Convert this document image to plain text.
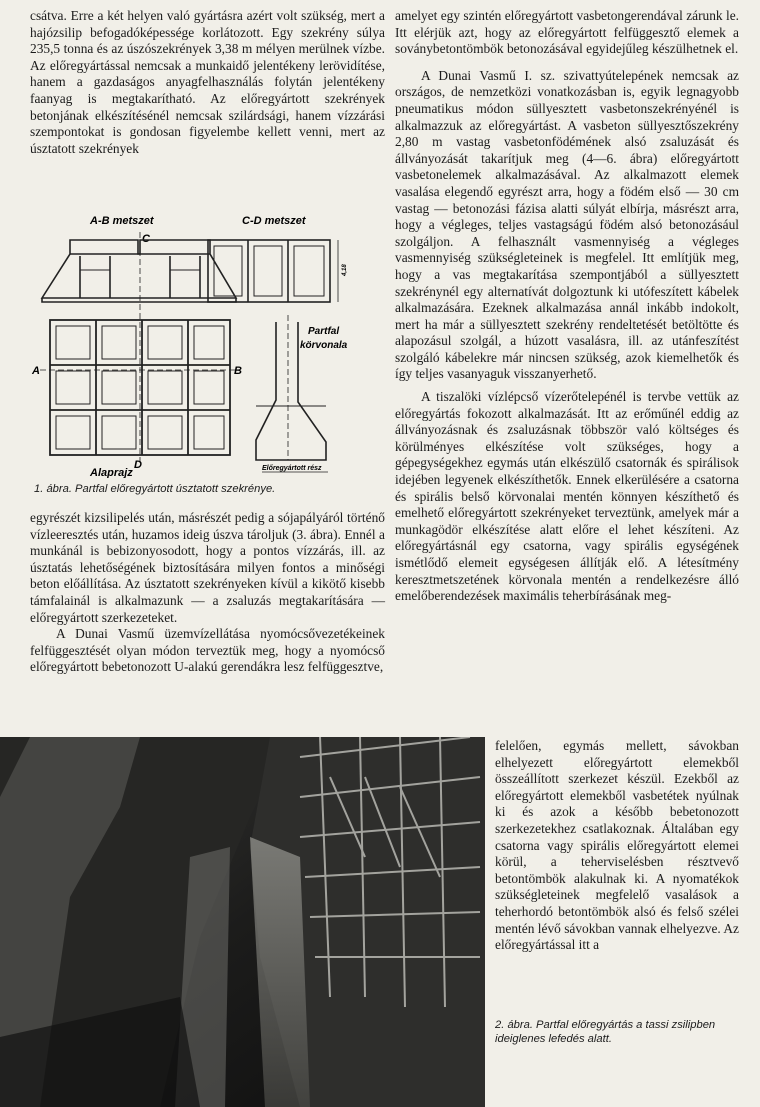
csátva. Erre a két helyen való gyártásra azért volt szükség, mert a hajózsilip befogadóképessége korlátozott. Egy szekrény súlya 235,5 tonna és az úszószekrények 3,38 m mélyen merülnek vízbe. Az előregyártással nemcsak a munkaidő jelentékeny lerövidítése, hanem a gazdaságos anyagfelhasználás folytán jelentékeny faanyag is megtakarítható. Az előregyártott szekrények betonjának elkészítésénél nemcsak szilárdsági, hanem vízzárási szempontokat is gondosan figyelembe kellett venni, mert az úsztatott szekrények

A-B metszet
C
C-D metszet
4,18
A	B
D
Alaprajz
Partfal
körvonala
Előregyártott rész
1. ábra. Partfal előregyártott úsztatott szekrénye.

egyrészét kizsilipelés után, másrészét pedig a sójapályáról történő vízleeresztés után, huzamos ideig úszva tároljuk (3. ábra). Ennél a munkánál is bebizonyosodott, hogy a pontos vízzárás, ill. az úsztatás lehetőségének biztosítására milyen fontos a minőségi beton előállítása. Az úsztatott szekrényeken kívül a kikötő kisebb támfalainál is alkalmazunk — a zsaluzás megtakarítására — előregyártott szerkezeteket.

A Dunai Vasmű üzemvízellátása nyomócsővezetékeinek felfüggesztését olyan módon terveztük meg, hogy a nyomócső előregyártott bebetonozott U-alakú gerendákra lesz felfüggesztve,

amelyet egy szintén előregyártott vasbetongerendával zárunk le. Itt elérjük azt, hogy az előregyártott felfüggesztő elemek a soványbetontömbök betonozásával egyidejűleg készülhetnek el.

A Dunai Vasmű I. sz. szivattyútelepének nemcsak az országos, de nemzetközi vonatkozásban is, egyik legnagyobb pneumatikus módon süllyesztett vasbetonszekrényénél is alkalmazzuk az előregyártást. A vasbeton süllyesztőszekrény 2,80 m vastag vasbetonfödémének alsó zsaluzását és állványozását takarítjuk meg (4—6. ábra) előregyártott vasbetonelemek alkalmazásával. Az alkalmazott elemek vasalása elegendő egyrészt arra, hogy a födém első — 30 cm vastag — betonozási fázisa alatti súlyát elbírja, másrészt arra, hogy a végleges, teljes vastagságú födém alsó betonozásául szolgáljon. A felhasznált vasmennyiség a végleges vasmennyiség szükségleteinek is megfelel. Itt említjük meg, hogy a vas megtakarítása szempontjából a süllyesztett szekrénynél egy alternatívát dolgoztunk ki utófeszített kábelek alkalmazására. Ezeknek alkalmazása annál inkább indokolt, mert ha már a süllyesztett szekrény rendeltetését betöltötte és alapozásul szolgál, a húzott vasalásra, ill. az utánfeszítést szolgáló kábelekre már nincsen szükség, azok kiemelhetők és így teljes vasanyaguk visszanyerhető.

A tiszalöki vízlépcső vízerőtelepénél is tervbe vettük az előregyártás fokozott alkalmazását. Itt az erőműnél eddig az állványozásnak és zsaluzásnak többször való költséges és körülményes elkészítése volt szükséges, hogy a gépegységekhez egymás után elkészülő csatornák és spirálisok idejében legyenek elkészíthetők. Ennek elkerülésére a csatorna és spirális belső körvonalai mentén könnyen készíthető és emelhető előregyártott szekrényeket terveztünk, amelyek már a munkagödör elkészítése alatt előre el lehet készíteni. Az előregyártásnál egy csatorna, vagy spirális egységének ismétlődő elemeit egységesen állítják elő. A létesítmény keresztmetszetének körvonala mentén a rendelkezésre álló emelőberendezések maximális teherbírásának meg-

felelően, egymás mellett, sávokban elhelyezett előregyártott elemekből összeállított szerkezet készül. Ezekből az előregyártott elemekből vasbetétek nyúlnak ki és azok a később bebetonozott szerkezetekhez csatlakoznak. Általában egy csatorna vagy spirális előregyártott elemei körül, a teherviselésben résztvevő betontömbök alakulnak ki. A nyomatékok szükségleteinek megfelelő vasalások a teherhordó betontömbök alsó és felső szélei mentén lévő sávokban vannak elhelyezve. Az előregyártással itt a

2. ábra. Partfal előregyártás a tassi zsilipben ideiglenes lefedés alatt.
